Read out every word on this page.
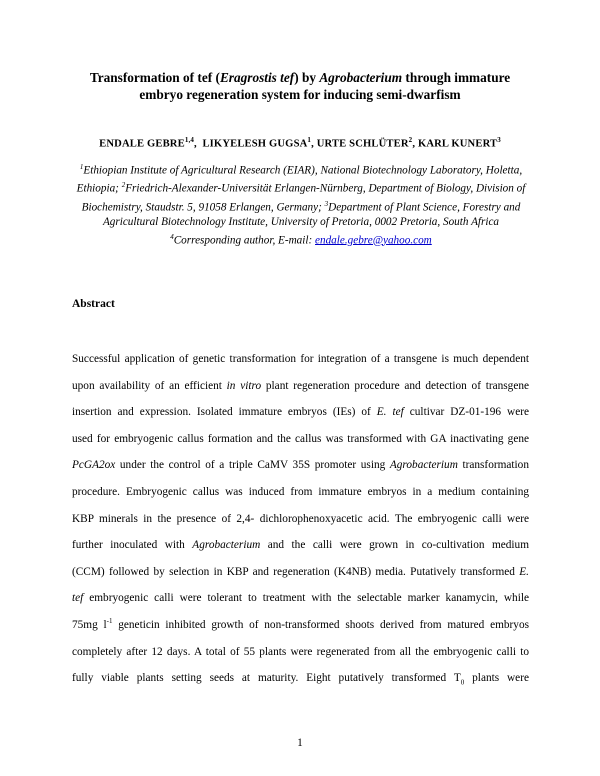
Transformation of tef (Eragrostis tef) by Agrobacterium through immature
embryo regeneration system for inducing semi-dwarfism
ENDALE GEBRE$^{1,4}$, LIKYELESH GUGSA$^1$, URTE SCHLÜTER$^2$, KARL KUNERT$^3$
$^1$Ethiopian Institute of Agricultural Research (EIAR), National Biotechnology Laboratory, Holetta, Ethiopia; $^2$Friedrich-Alexander-Universität Erlangen-Nürnberg, Department of Biology, Division of Biochemistry, Staudstr. 5, 91058 Erlangen, Germany; $^3$Department of Plant Science, Forestry and Agricultural Biotechnology Institute, University of Pretoria, 0002 Pretoria, South Africa
$^4$Corresponding author, E-mail: endale.gebre@yahoo.com
Abstract
Successful application of genetic transformation for integration of a transgene is much dependent
upon availability of an efficient in vitro plant regeneration procedure and detection of transgene
insertion and expression. Isolated immature embryos (IEs) of E. tef cultivar DZ-01-196 were
used for embryogenic callus formation and the callus was transformed with GA inactivating gene
PcGA2ox under the control of a triple CaMV 35S promoter using Agrobacterium transformation
procedure. Embryogenic callus was induced from immature embryos in a medium containing
KBP minerals in the presence of 2,4- dichlorophenoxyacetic acid. The embryogenic calli were
further inoculated with Agrobacterium and the calli were grown in co-cultivation medium
(CCM) followed by selection in KBP and regeneration (K4NB) media. Putatively transformed E.
tef embryogenic calli were tolerant to treatment with the selectable marker kanamycin, while
75mg $l^{-1}$ geneticin inhibited growth of non-transformed shoots derived from matured embryos
completely after 12 days. A total of 55 plants were regenerated from all the embryogenic calli to
fully viable plants setting seeds at maturity. Eight putatively transformed $T_0$ plants were
1
